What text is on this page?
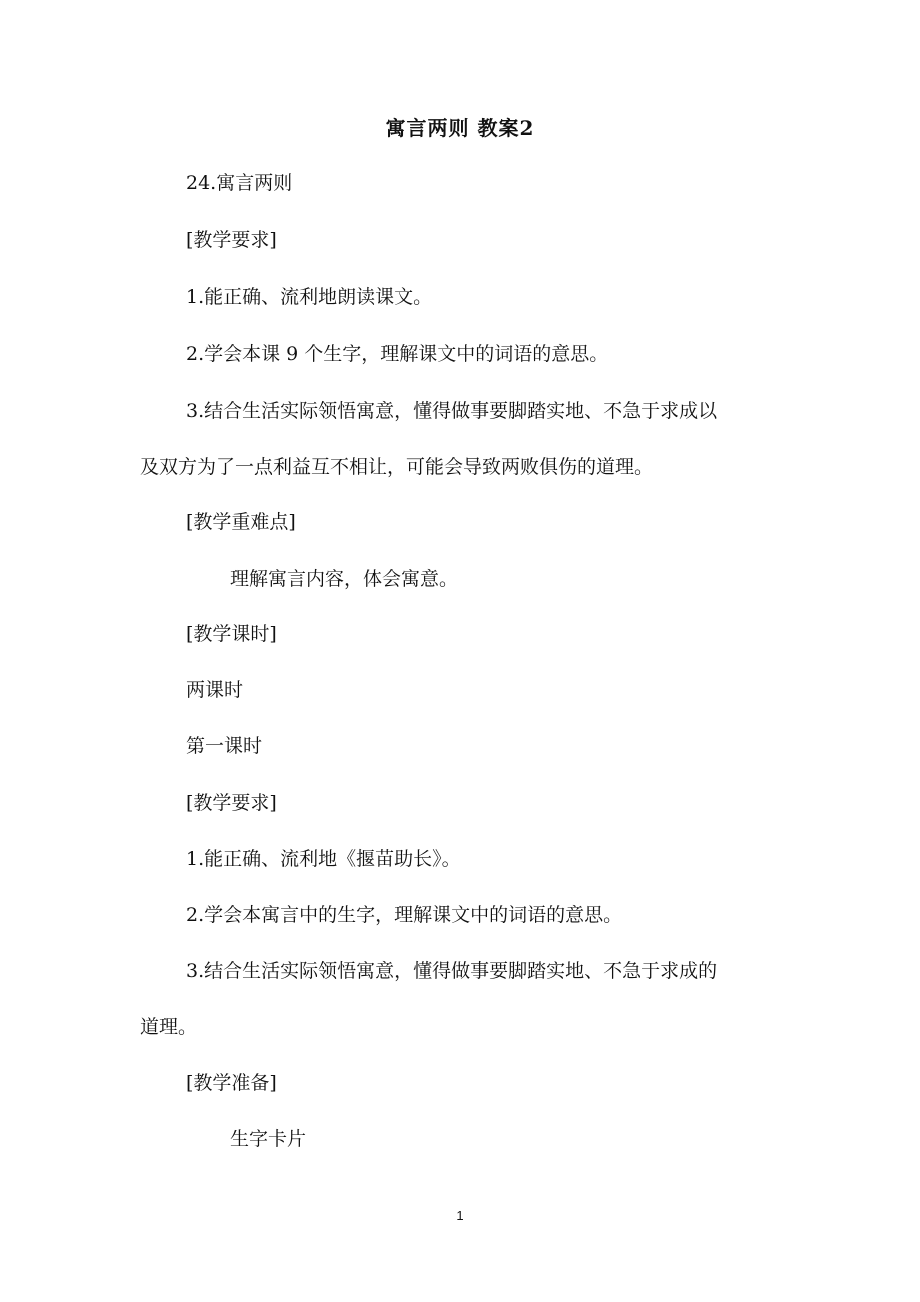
寓言两则 教案2
24.寓言两则
[教学要求]
1.能正确、流利地朗读课文。
2.学会本课 9 个生字，理解课文中的词语的意思。
3.结合生活实际领悟寓意，懂得做事要脚踏实地、不急于求成以
及双方为了一点利益互不相让，可能会导致两败俱伤的道理。
[教学重难点]
理解寓言内容，体会寓意。
[教学课时]
两课时
第一课时
[教学要求]
1.能正确、流利地《揠苗助长》。
2.学会本寓言中的生字，理解课文中的词语的意思。
3.结合生活实际领悟寓意，懂得做事要脚踏实地、不急于求成的
道理。
[教学准备]
生字卡片
1
